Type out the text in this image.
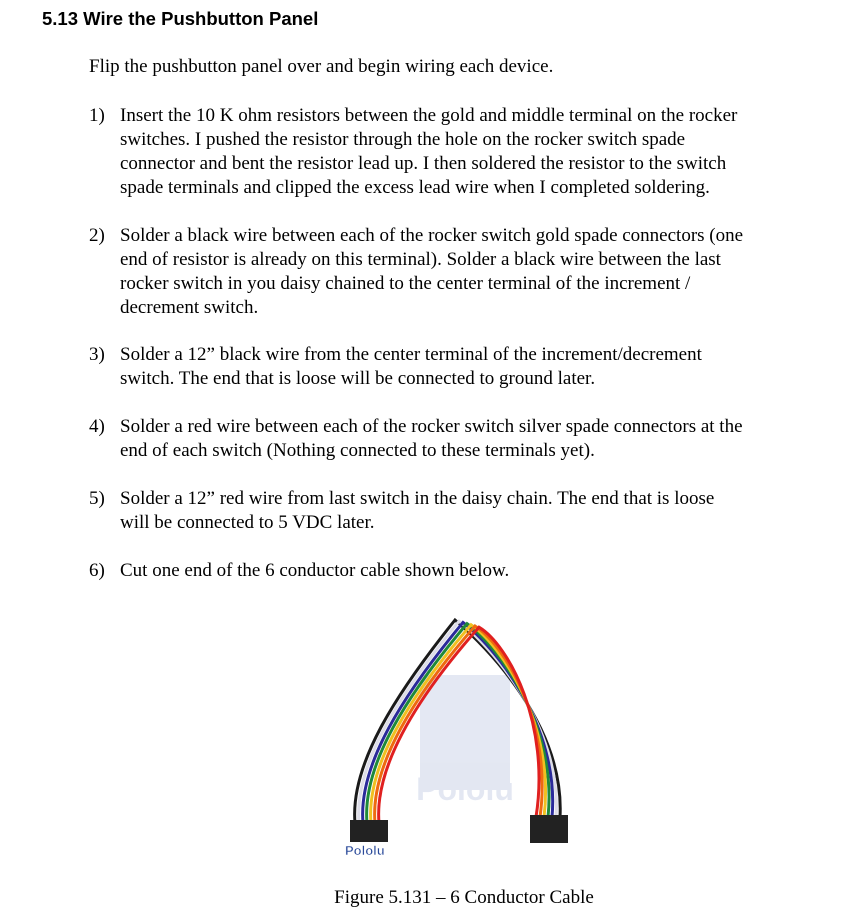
5.13 Wire the Pushbutton Panel
Flip the pushbutton panel over and begin wiring each device.
1) Insert the 10 K ohm resistors between the gold and middle terminal on the rocker
switches. I pushed the resistor through the hole on the rocker switch spade
connector and bent the resistor lead up. I then soldered the resistor to the switch
spade terminals and clipped the excess lead wire when I completed soldering.
2) Solder a black wire between each of the rocker switch gold spade connectors (one
end of resistor is already on this terminal). Solder a black wire between the last
rocker switch in you daisy chained to the center terminal of the increment /
decrement switch.
3) Solder a 12” black wire from the center terminal of the increment/decrement
switch. The end that is loose will be connected to ground later.
4) Solder a red wire between each of the rocker switch silver spade connectors at the
end of each switch (Nothing connected to these terminals yet).
5) Solder a 12” red wire from last switch in the daisy chain. The end that is loose
will be connected to 5 VDC later.
6) Cut one end of the 6 conductor cable shown below.
Pololu
Pololu
Figure 5.131 – 6 Conductor Cable
